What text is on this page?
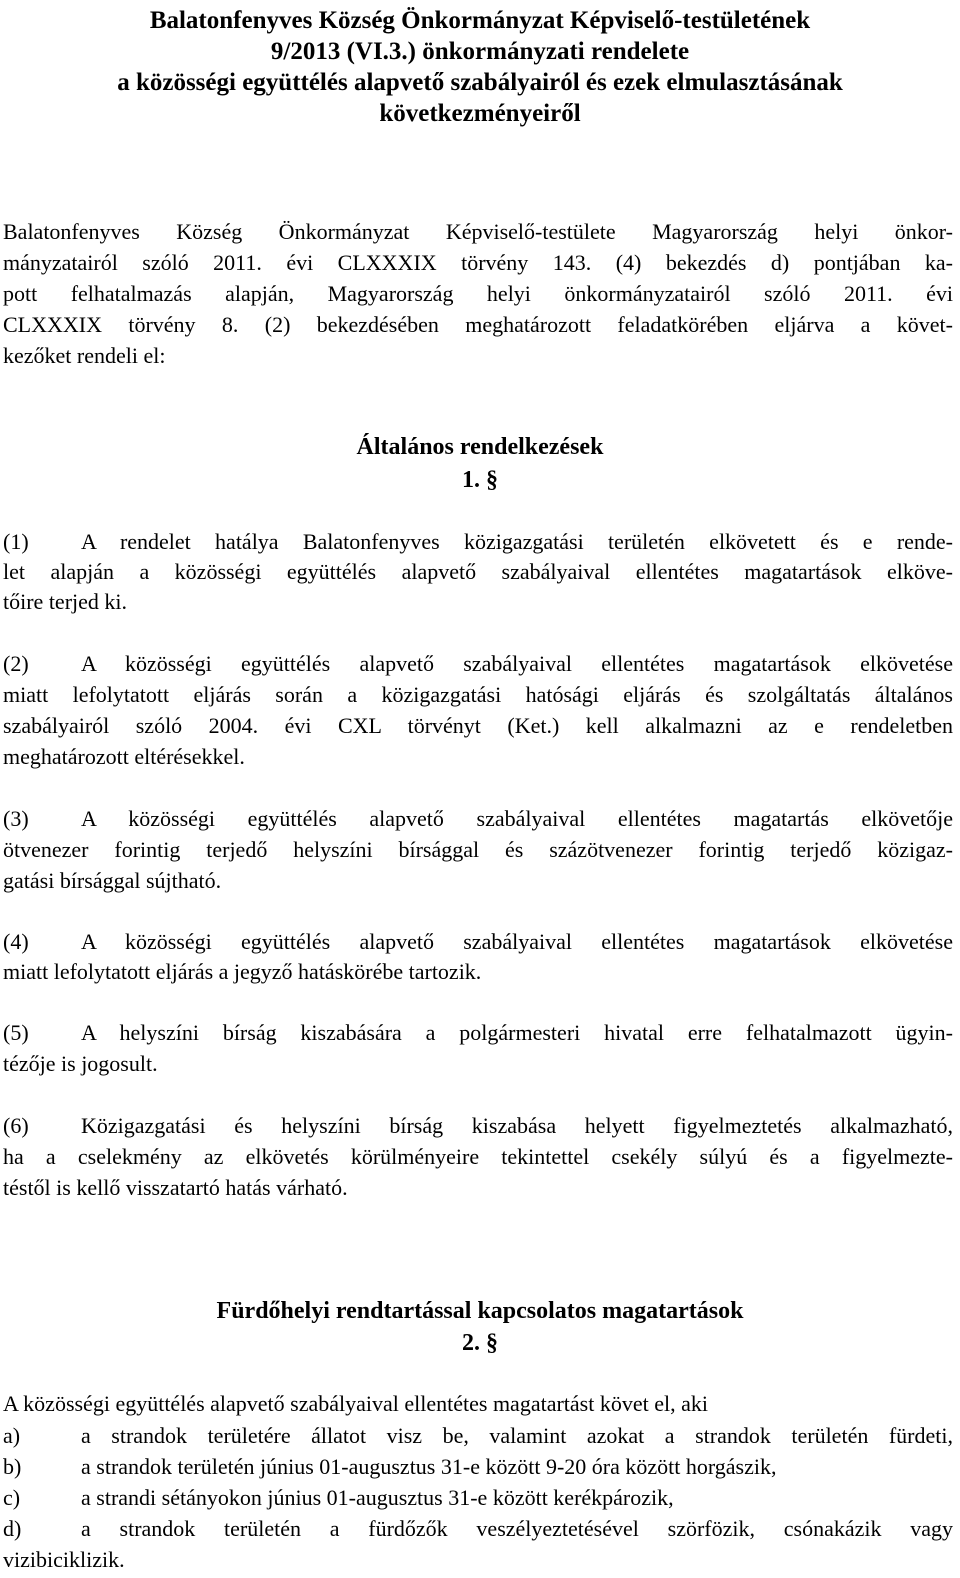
Balatonfenyves Község Önkormányzat Képviselő-testületének
9/2013 (VI.3.) önkormányzati rendelete
a közösségi együttélés alapvető szabályairól és ezek elmulasztásának
következményeiről
Balatonfenyves Község Önkormányzat Képviselő-testülete Magyarország helyi önkor-
mányzatairól szóló 2011. évi CLXXXIX törvény 143. (4) bekezdés d) pontjában ka-
pott felhatalmazás alapján, Magyarország helyi önkormányzatairól szóló 2011. évi
CLXXXIX törvény 8. (2) bekezdésében meghatározott feladatkörében eljárva a követ-
kezőket rendeli el:
Általános rendelkezések
1. §
(1) A rendelet hatálya Balatonfenyves közigazgatási területén elkövetett és e rende-
let alapján a közösségi együttélés alapvető szabályaival ellentétes magatartások elköve-
tőire terjed ki.
(2) A közösségi együttélés alapvető szabályaival ellentétes magatartások elkövetése
miatt lefolytatott eljárás során a közigazgatási hatósági eljárás és szolgáltatás általános
szabályairól szóló 2004. évi CXL törvényt (Ket.) kell alkalmazni az e rendeletben
meghatározott eltérésekkel.
(3) A közösségi együttélés alapvető szabályaival ellentétes magatartás elkövetője
ötvenezer forintig terjedő helyszíni bírsággal és százötvenezer forintig terjedő közigaz-
gatási bírsággal sújtható.
(4) A közösségi együttélés alapvető szabályaival ellentétes magatartások elkövetése
miatt lefolytatott eljárás a jegyző hatáskörébe tartozik.
(5) A helyszíni bírság kiszabására a polgármesteri hivatal erre felhatalmazott ügyin-
tézője is jogosult.
(6) Közigazgatási és helyszíni bírság kiszabása helyett figyelmeztetés alkalmazható,
ha a cselekmény az elkövetés körülményeire tekintettel csekély súlyú és a figyelmezte-
téstől is kellő visszatartó hatás várható.
Fürdőhelyi rendtartással kapcsolatos magatartások
2. §
A közösségi együttélés alapvető szabályaival ellentétes magatartást követ el, aki
a)	a strandok területére állatot visz be, valamint azokat a strandok területén fürdeti,
b)	a strandok területén június 01-augusztus 31-e között 9-20 óra között horgászik,
c)	a strandi sétányokon június 01-augusztus 31-e között kerékpározik,
d)	a strandok területén a fürdőzők veszélyeztetésével szörfözik, csónakázik vagy
vizibiciklizik.
